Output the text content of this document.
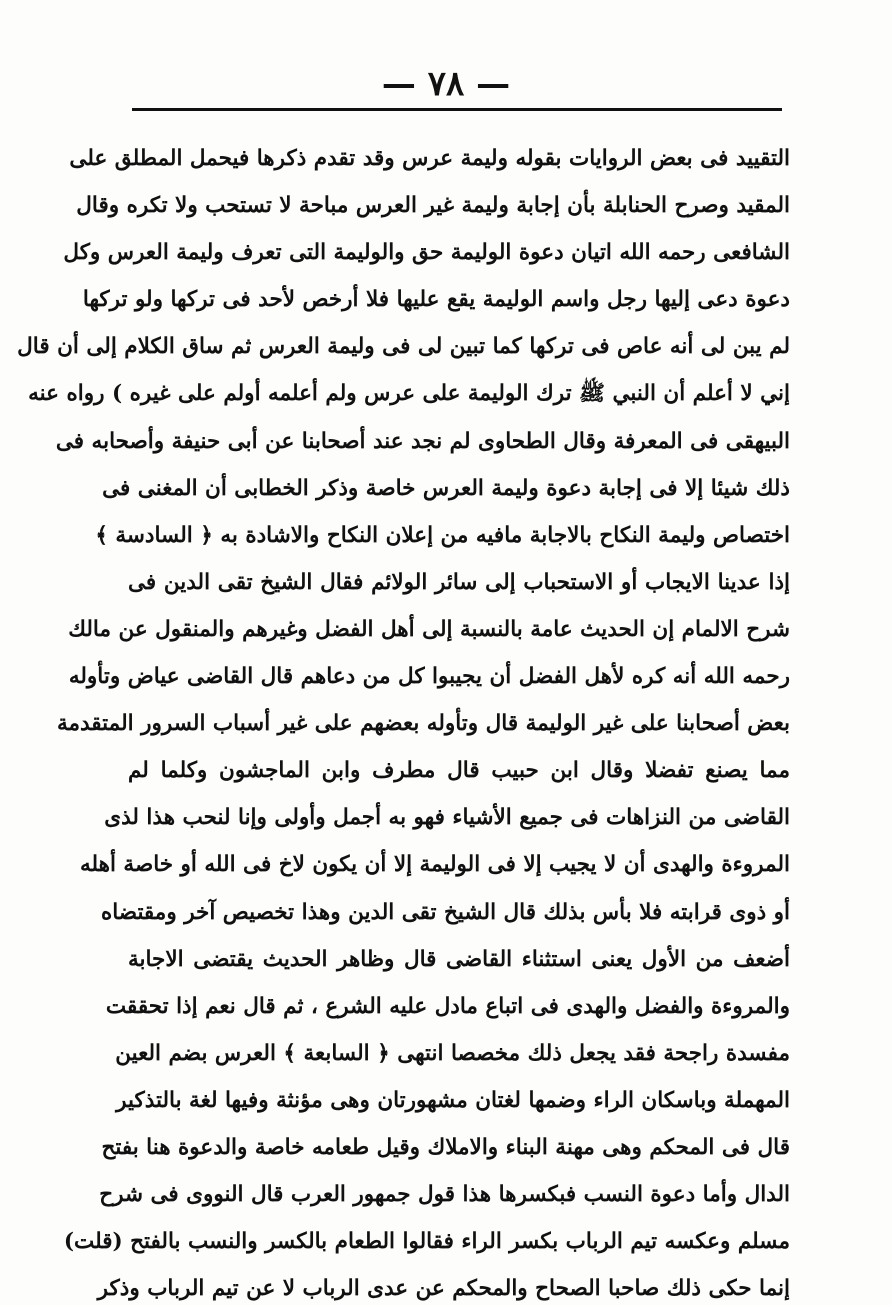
— ٧٨ —
التقييد فى بعض الروايات بقوله وليمة عرس وقد تقدم ذكرها فيحمل المطلق على
المقيد وصرح الحنابلة بأن إجابة وليمة غير العرس مباحة لا تستحب ولا تكره وقال
الشافعى رحمه الله اتيان دعوة الوليمة حق والوليمة التى تعرف وليمة العرس وكل
دعوة دعى إليها رجل واسم الوليمة يقع عليها فلا أرخص لأحد فى تركها ولو تركها
لم يبن لى أنه عاص فى تركها كما تبين لى فى وليمة العرس ثم ساق الكلام إلى أن قال
إني لا أعلم أن النبي ﷺ ترك الوليمة على عرس ولم أعلمه أولم على غيره ) رواه عنه
البيهقى فى المعرفة وقال الطحاوى لم نجد عند أصحابنا عن أبى حنيفة وأصحابه فى
ذلك شيئا إلا فى إجابة دعوة وليمة العرس خاصة وذكر الخطابى أن المغنى فى
اختصاص وليمة النكاح بالاجابة مافيه من إعلان النكاح والاشادة به ﴿ السادسة ﴾
إذا عدينا الايجاب أو الاستحباب إلى سائر الولائم فقال الشيخ تقى الدين فى
شرح الالمام إن الحديث عامة بالنسبة إلى أهل الفضل وغيرهم والمنقول عن مالك
رحمه الله أنه كره لأهل الفضل أن يجيبوا كل من دعاهم قال القاضى عياض وتأوله
بعض أصحابنا على غير الوليمة قال وتأوله بعضهم على غير أسباب السرور المتقدمة
مما يصنع تفضلا وقال ابن حبيب قال مطرف وابن الماجشون وكلما لم
القاضى من النزاهات فى جميع الأشياء فهو به أجمل وأولى وإنا لنحب هذا لذى
المروءة والهدى أن لا يجيب إلا فى الوليمة إلا أن يكون لاخ فى الله أو خاصة أهله
أو ذوى قرابته فلا بأس بذلك قال الشيخ تقى الدين وهذا تخصيص آخر ومقتضاه
أضعف من الأول يعنى استثناء القاضى قال وظاهر الحديث يقتضى الاجابة
والمروءة والفضل والهدى فى اتباع مادل عليه الشرع ، ثم قال نعم إذا تحققت
مفسدة راجحة فقد يجعل ذلك مخصصا انتهى ﴿ السابعة ﴾ العرس بضم العين
المهملة وباسكان الراء وضمها لغتان مشهورتان وهى مؤنثة وفيها لغة بالتذكير
قال فى المحكم وهى مهنة البناء والاملاك وقيل طعامه خاصة والدعوة هنا بفتح
الدال وأما دعوة النسب فبكسرها هذا قول جمهور العرب قال النووى فى شرح
مسلم وعكسه تيم الرباب بكسر الراء فقالوا الطعام بالكسر والنسب بالفتح (قلت)
إنما حكى ذلك صاحبا الصحاح والمحكم عن عدى الرباب لا عن تيم الرباب وذكر
